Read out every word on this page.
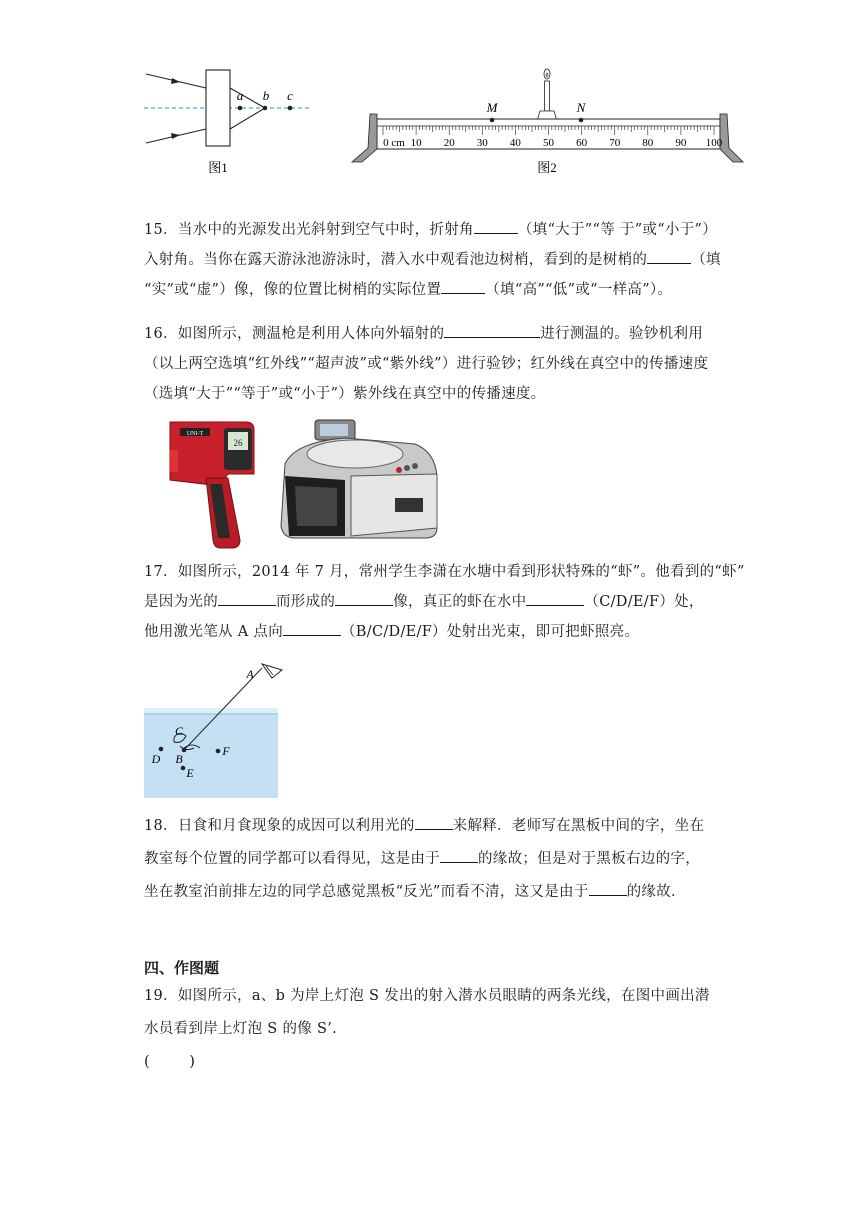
a b c
图1
M	N
0 cm 10 20 30 40 50 60 70 80 90 100
图2
15．当水中的光源发出光斜射到空气中时，折射角	（填“大于”“等 于”或“小于”）
入射角。当你在露天游泳池游泳时，潜入水中观看池边树梢，看到的是树梢的	（填
“实”或“虚”）像，像的位置比树梢的实际位置	（填“高”“低”或“一样高”）。
16．如图所示，测温枪是利用人体向外辐射的	进行测温的。验钞机利用
（以上两空选填“红外线”“超声波”或“紫外线”）进行验钞；红外线在真空中的传播速度
（选填“大于”“等于”或“小于”）紫外线在真空中的传播速度。
26
UNI-T
17．如图所示，2014 年 7 月，常州学生李潇在水塘中看到形状特殊的“虾”。他看到的“虾”
是因为光的	而形成的	像，真正的虾在水中	（C/D/E/F）处，
他用激光笔从 A 点向	（B/C/D/E/F）处射出光束，即可把虾照亮。
A
C
D B
E
F
18．日食和月食现象的成因可以利用光的	来解释．老师写在黑板中间的字，坐在
教室每个位置的同学都可以看得见，这是由于	的缘故；但是对于黑板右边的字，
坐在教室泊前排左边的同学总感觉黑板“反光”而看不清，这又是由于	的缘故．
四、作图题
19．如图所示，a、b 为岸上灯泡 S 发出的射入潜水员眼睛的两条光线，在图中画出潜
水员看到岸上灯泡 S 的像 S’.
(        )
